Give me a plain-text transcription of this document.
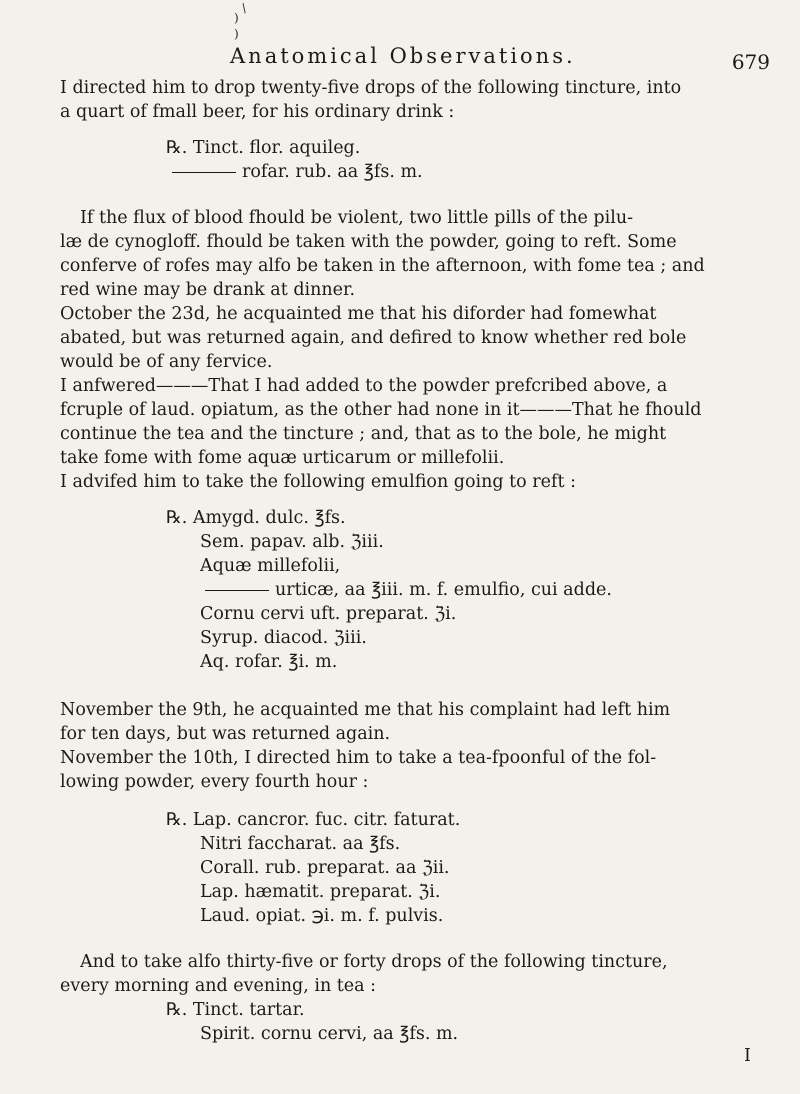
/
)
)
Anatomical Observations.	679
I directed him to drop twenty-five drops of the following tincture, into
a quart of fmall beer, for his ordinary drink :
℞. Tinct. flor. aquileg.
rofar. rub. aa ℥fs. m.
If the flux of blood fhould be violent, two little pills of the pilu-
læ de cynogloff. fhould be taken with the powder, going to reft. Some
conferve of rofes may alfo be taken in the afternoon, with fome tea ; and
red wine may be drank at dinner.
October the 23d, he acquainted me that his diforder had fomewhat
abated, but was returned again, and defired to know whether red bole
would be of any fervice.
I anfwered———That I had added to the powder prefcribed above, a
fcruple of laud. opiatum, as the other had none in it———That he fhould
continue the tea and the tincture ; and, that as to the bole, he might
take fome with fome aquæ urticarum or millefolii.
I advifed him to take the following emulfion going to reft :
℞. Amygd. dulc. ℥fs.
Sem. papav. alb. ℨiii.
Aquæ millefolii,
urticæ, aa ℥iii. m. f. emulfio, cui adde.
Cornu cervi uft. preparat. ℨi.
Syrup. diacod. ℨiii.
Aq. rofar. ℥i. m.
November the 9th, he acquainted me that his complaint had left him
for ten days, but was returned again.
November the 10th, I directed him to take a tea-fpoonful of the fol-
lowing powder, every fourth hour :
℞. Lap. cancror. fuc. citr. faturat.
Nitri faccharat. aa ℥fs.
Corall. rub. preparat. aa ℨii.
Lap. hæmatit. preparat. ℨi.
Laud. opiat. ℈i. m. f. pulvis.
And to take alfo thirty-five or forty drops of the following tincture,
every morning and evening, in tea :
℞. Tinct. tartar.
Spirit. cornu cervi, aa ℥fs. m.
I
